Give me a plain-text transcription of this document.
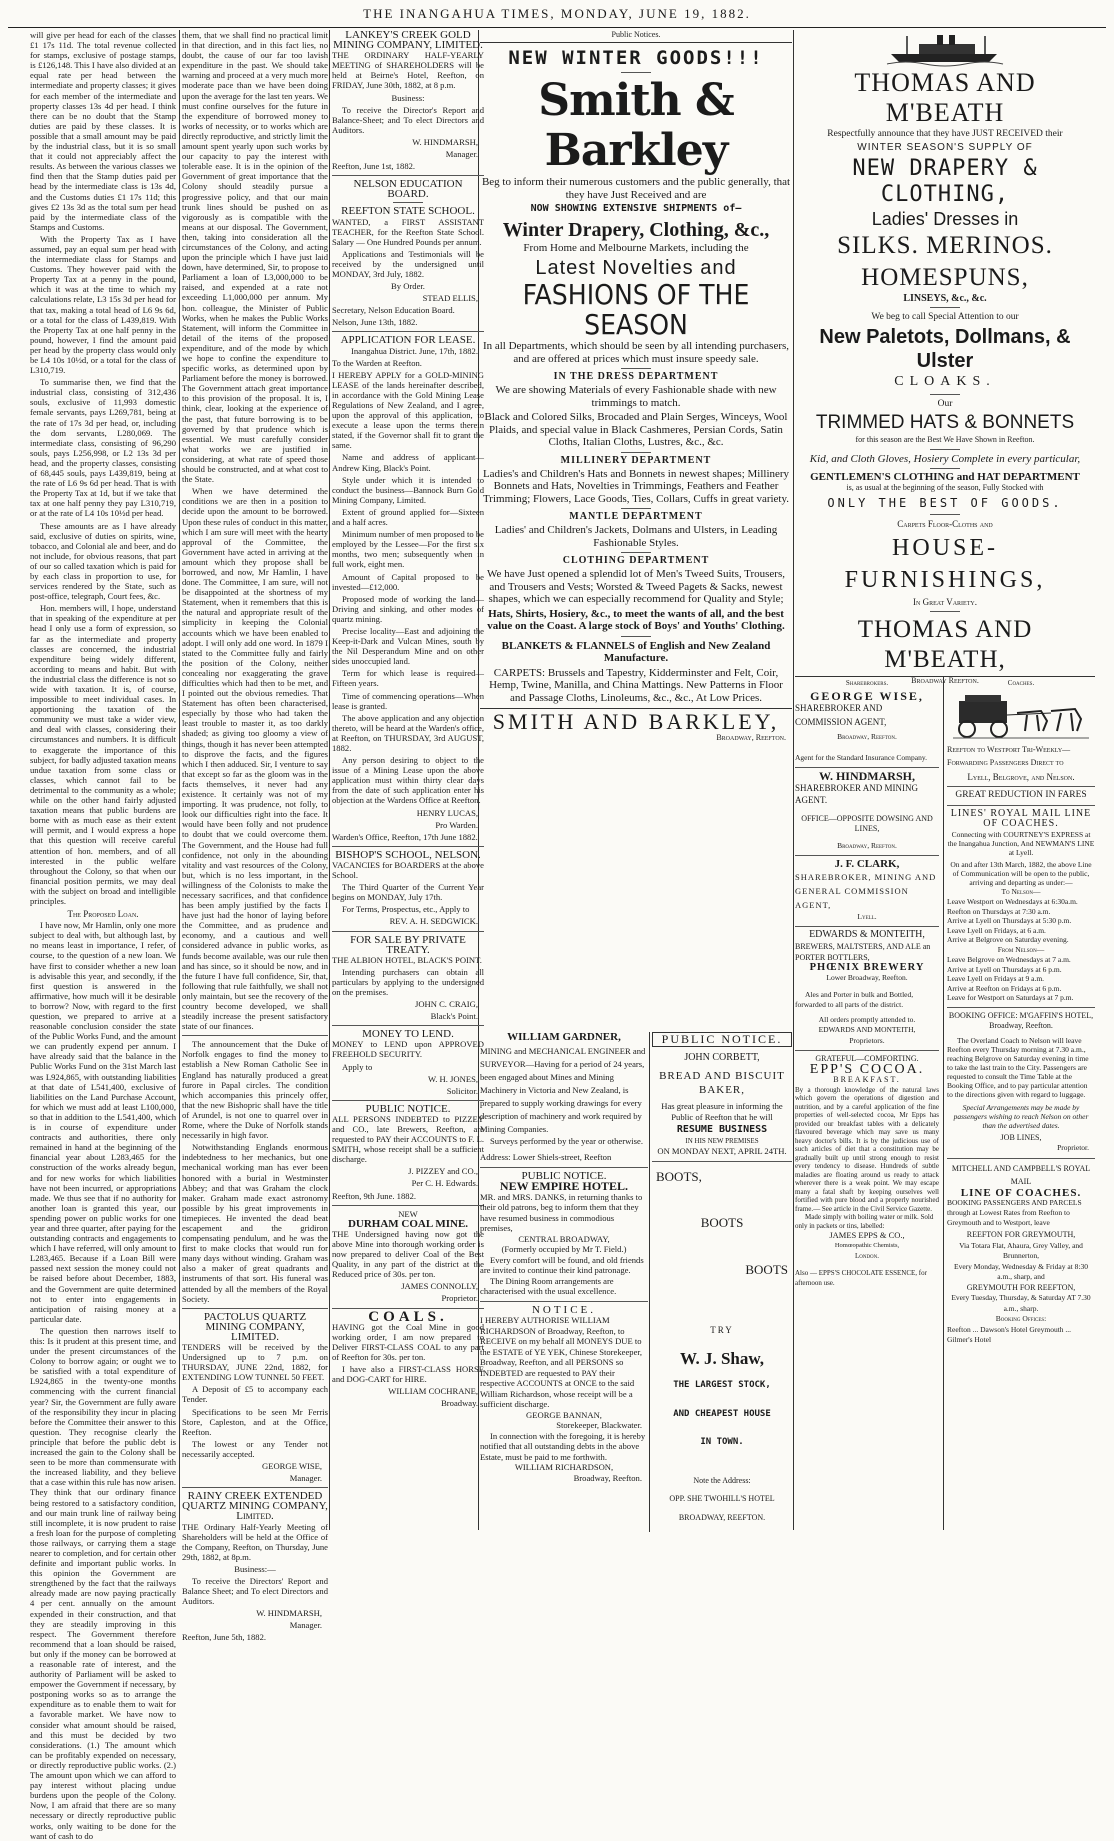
THE INANGAHUA TIMES, MONDAY, JUNE 19, 1882.

will give per head for each of the classes £1 17s 11d. The total revenue collected for stamps, exclusive of postage stamps, is £126,148. This I have also divided at an equal rate per head between the intermediate and property classes; it gives for each member of the intermediate and property classes 13s 4d per head. I think there can be no doubt that the Stamp duties are paid by these classes. It is possible that a small amount may be paid by the industrial class, but it is so small that it could not appreciably affect the results. As between the various classes we find then that the Stamp duties paid per head by the intermediate class is 13s 4d, and the Customs duties £1 17s 11d; this gives £2 13s 3d as the total sum per head paid by the intermediate class of the Stamps and Customs.

With the Property Tax as I have assumed, pay an equal sum per head with the intermediate class for Stamps and Customs. They however paid with the Property Tax at a penny in the pound, which it was at the time to which my calculations relate, L3 15s 3d per head for that tax, making a total head of L6 9s 6d, or a total for the class of L439,819. With the Property Tax at one half penny in the pound, however, I find the amount paid per head by the property class would only be L4 10s 10½d, or a total for the class of L310,719.

To summarise then, we find that the industrial class, consisting of 312,436 souls, exclusive of 11,993 domestic female servants, pays L269,781, being at the rate of 17s 3d per head, or, including the dom servants, L280,069. The intermediate class, consisting of 96,290 souls, pays L256,998, or L2 13s 3d per head, and the property classes, consisting of 68,445 souls, pays L439,819, being at the rate of L6 9s 6d per head. That is with the Property Tax at 1d, but if we take that tax at one half penny they pay L310,719, or at the rate of L4 10s 10½d per head.

These amounts are as I have already said, exclusive of duties on spirits, wine, tobacco, and Colonial ale and beer, and do not include, for obvious reasons, that part of our so called taxation which is paid for by each class in proportion to use, for services rendered by the State, such as post-office, telegraph, Court fees, &c.

Hon. members will, I hope, understand that in speaking of the expenditure at per head I only use a form of expression, so far as the intermediate and property classes are concerned, the industrial expenditure being widely different, according to means and habit. But with the industrial class the difference is not so wide with taxation. It is, of course, impossible to meet individual cases. In apportioning the taxation of the community we must take a wider view, and deal with classes, considering their circumstances and numbers. It is difficult to exaggerate the importance of this subject, for badly adjusted taxation means undue taxation from some class or classes, which cannot fail to be detrimental to the community as a whole; while on the other hand fairly adjusted taxation means that public burdens are borne with as much ease as their extent will permit, and I would express a hope that this question will receive careful attention of hon. members, and of all interested in the public welfare throughout the Colony, so that when our financial position permits, we may deal with the subject on broad and intelligible principles.

The Proposed Loan.

I have now, Mr Hamlin, only one more subject to deal with, but although last, by no means least in importance, I refer, of course, to the question of a new loan. We have first to consider whether a new loan is advisable this year, and secondly, if the first question is answered in the affirmative, how much will it be desirable to borrow? Now, with regard to the first question, we prepared to arrive at a reasonable conclusion consider the state of the Public Works Fund, and the amount we can prudently expend per annum. I have already said that the balance in the Public Works Fund on the 31st March last was L924,865, with outstanding liabilities at that date of L541,400, exclusive of liabilities on the Land Purchase Account, for which we must add at least L100,000, so that in addition to the L541,400, which is in course of expenditure under contracts and authorities, there only remained in hand at the beginning of the financial year about L283,465 for the construction of the works already begun, and for new works for which liabilities have not been incurred, or appropriations made. We thus see that if no authority for another loan is granted this year, our spending power on public works for one year and three quarter, after paying for the outstanding contracts and engagements to which I have referred, will only amount to L283,465. Because if a Loan Bill were passed next session the money could not be raised before about December, 1883, and the Government are quite determined not to enter into engagements in anticipation of raising money at a particular date.

The question then narrows itself to this: Is it prudent at this present time, and under the present circumstances of the Colony to borrow again; or ought we to be satisfied with a total expenditure of L924,865 in the twenty-one months commencing with the current financial year? Sir, the Government are fully aware of the responsibility they incur in placing before the Committee their answer to this question. They recognise clearly the principle that before the public debt is increased the gain to the Colony shall be seen to be more than commensurate with the increased liability, and they believe that a case within this rule has now arisen. They think that our ordinary finance being restored to a satisfactory condition, and our main trunk line of railway being still incomplete, it is now prudent to raise a fresh loan for the purpose of completing those railways, or carrying them a stage nearer to completion, and for certain other definite and important public works. In this opinion the Government are strengthened by the fact that the railways already made are now paying practically 4 per cent. annually on the amount expended in their construction, and that they are steadily improving in this respect. The Government therefore recommend that a loan should be raised, but only if the money can be borrowed at a reasonable rate of interest, and the authority of Parliament will be asked to empower the Government if necessary, by postponing works so as to arrange the expenditure as to enable them to wait for a favorable market. We have now to consider what amount should be raised, and this must be decided by two considerations. (1.) The amount which can be profitably expended on necessary, or directly reproductive public works. (2.) The amount upon which we can afford to pay interest without placing undue burdens upon the people of the Colony. Now, I am afraid that there are so many necessary or directly reproductive public works, only waiting to be done for the want of cash to do

them, that we shall find no practical limit in that direction, and in this fact lies, no doubt, the cause of our far too lavish expenditure in the past. We should take warning and proceed at a very much more moderate pace than we have been doing upon the average for the last ten years. We must confine ourselves for the future in the expenditure of borrowed money to works of necessity, or to works which are directly reproductive, and strictly limit the amount spent yearly upon such works by our capacity to pay the interest with tolerable ease. It is in the opinion of the Government of great importance that the Colony should steadily pursue a progressive policy, and that our main trunk lines should be pushed on as vigorously as is compatible with the means at our disposal. The Government, then, taking into consideration all the circumstances of the Colony, and acting upon the principle which I have just laid down, have determined, Sir, to propose to Parliament a loan of L3,000,000 to be raised, and expended at a rate not exceeding L1,000,000 per annum. My hon. colleague, the Minister of Public Works, when he makes the Public Works Statement, will inform the Committee in detail of the items of the proposed expenditure, and of the mode by which we hope to confine the expenditure to specific works, as determined upon by Parliament before the money is borrowed. The Government attach great importance to this provision of the proposal. It is, I think, clear, looking at the experience of the past, that future borrowing is to be governed by that prudence which is essential. We must carefully consider what works we are justified in considering, at what rate of speed those should be constructed, and at what cost to the State.

When we have determined the conditions we are then in a position to decide upon the amount to be borrowed. Upon these rules of conduct in this matter, which I am sure will meet with the hearty approval of the Committee, the Government have acted in arriving at the amount which they propose shall be borrowed, and now, Mr Hamlin, I have done. The Committee, I am sure, will not be disappointed at the shortness of my Statement, when it remembers that this is the natural and appropriate result of the simplicity in keeping the Colonial accounts which we have been enabled to adopt. I will only add one word. In 1879 I stated to the Committee fully and fairly the position of the Colony, neither concealing nor exaggerating the grave difficulties which had then to be met, and I pointed out the obvious remedies. That Statement has often been characterised, especially by those who had taken the least trouble to master it, as too darkly shaded; as giving too gloomy a view of things, though it has never been attempted to disprove the facts, and the figures which I then adduced. Sir, I venture to say that except so far as the gloom was in the facts themselves, it never had any existence. It certainly was not of my importing. It was prudence, not folly, to look our difficulties right into the face. It would have been folly and not prudence to doubt that we could overcome them. The Government, and the House had full confidence, not only in the abounding vitality and vast resources of the Colony, but, which is no less important, in the willingness of the Colonists to make the necessary sacrifices, and that confidence has been amply justified by the facts I have just had the honor of laying before the Committee, and as prudence and economy, and a cautious and well considered advance in public works, as funds become available, was our rule then and has since, so it should be now, and in the future I have full confidence, Sir, that, following that rule faithfully, we shall not only maintain, but see the recovery of the country become developed, we shall steadily increase the present satisfactory state of our finances.

The announcement that the Duke of Norfolk engages to find the money to establish a New Roman Catholic See in England has naturally produced a great furore in Papal circles. The condition which accompanies this princely offer, that the new Bishopric shall have the title of Arundel, is not one to quarrel over in Rome, where the Duke of Norfolk stands necessarily in high favor.

Notwithstanding Englands enormous indebtedness to her mechanics, but one mechanical working man has ever been honored with a burial in Westminster Abbey; and that was Graham the clock maker. Graham made exact astronomy possible by his great improvements in timepieces. He invented the dead beat escapement and the gridiron compensating pendulum, and he was the first to make clocks that would run for many days without winding. Graham was also a maker of great quadrants and instruments of that sort. His funeral was attended by all the members of the Royal Society.

PACTOLUS QUARTZ MINING COMPANY, LIMITED.

TENDERS will be received by the Undersigned up to 7 p.m. on THURSDAY, JUNE 22nd, 1882, for EXTENDING LOW TUNNEL 50 FEET.

A Deposit of £5 to accompany each Tender.

Specifications to be seen Mr Ferris Store, Capleston, and at the Office, Reefton.

The lowest or any Tender not necessarily accepted.

GEORGE WISE,

Manager.

RAINY CREEK EXTENDED QUARTZ MINING COMPANY, Limited.

THE Ordinary Half-Yearly Meeting of Shareholders will be held at the Office of the Company, Reefton, on Thursday, June 29th, 1882, at 8p.m.

Business:—

To receive the Directors' Report and Balance Sheet; and To elect Directors and Auditors.

W. HINDMARSH,

Manager.

Reefton, June 5th, 1882.

LANKEY'S CREEK GOLD MINING COMPANY, LIMITED.

THE ORDINARY HALF-YEARLY MEETING of SHAREHOLDERS will be held at Beirne's Hotel, Reefton, on FRIDAY, June 30th, 1882, at 8 p.m.

Business:

To receive the Director's Report and Balance-Sheet; and To elect Directors and Auditors.

W. HINDMARSH,

Manager.

Reefton, June 1st, 1882.

NELSON EDUCATION BOARD.
REEFTON STATE SCHOOL.

WANTED, a FIRST ASSISTANT TEACHER, for the Reefton State School. Salary — One Hundred Pounds per annum.

Applications and Testimonials will be received by the undersigned until MONDAY, 3rd July, 1882.

By Order.

STEAD ELLIS,

Secretary, Nelson Education Board.

Nelson, June 13th, 1882.

APPLICATION FOR LEASE.

Inangahua District. June, 17th, 1882.

To the Warden at Reefton.

I HEREBY APPLY for a GOLD-MINING LEASE of the lands hereinafter described, in accordance with the Gold Mining Lease Regulations of New Zealand, and I agree, upon the approval of this application, to execute a lease upon the terms therein stated, if the Governor shall fit to grant the same.

Name and address of applicant—Andrew King, Black's Point.

Style under which it is intended to conduct the business—Bannock Burn Gold Mining Company, Limited.

Extent of ground applied for—Sixteen and a half acres.

Minimum number of men proposed to be employed by the Lessee—For the first six months, two men; subsequently when in full work, eight men.

Amount of Capital proposed to be invested—£12,000.

Proposed mode of working the land—Driving and sinking, and other modes of quartz mining.

Precise locality—East and adjoining the Keep-it-Dark and Vulcan Mines, south by the Nil Desperandum Mine and on other sides unoccupied land.

Term for which lease is required—Fifteen years.

Time of commencing operations—When lease is granted.

The above application and any objection thereto, will be heard at the Warden's office, at Reefton, on THURSDAY, 3rd AUGUST, 1882.

Any person desiring to object to the issue of a Mining Lease upon the above application must within thirty clear days from the date of such application enter his objection at the Wardens Office at Reefton.

HENRY LUCAS,

Pro Warden.

Warden's Office, Reefton, 17th June 1882.

BISHOP'S SCHOOL, NELSON.

VACANCIES for BOARDERS at the above School.

The Third Quarter of the Current Year begins on MONDAY, July 17th.

For Terms, Prospectus, etc., Apply to

REV. A. H. SEDGWICK.

FOR SALE BY PRIVATE TREATY.

THE ALBION HOTEL, BLACK'S POINT.

Intending purchasers can obtain all particulars by applying to the undersigned on the premises.

JOHN C. CRAIG,

Black's Point.

MONEY TO LEND.

MONEY to LEND upon APPROVED FREEHOLD SECURITY.

Apply to

W. H. JONES,

Solicitor.

PUBLIC NOTICE.

ALL PERSONS INDEBTED to PIZZEY and CO., late Brewers, Reefton, are requested to PAY their ACCOUNTS to F. L. SMITH, whose receipt shall be a sufficient discharge.

J. PIZZEY and CO.,

Per C. H. Edwards.

Reefton, 9th June. 1882.

NEW
DURHAM COAL MINE.

THE Undersigned having now got the above Mine into thorough working order is now prepared to deliver Coal of the Best Quality, in any part of the district at the Reduced price of 30s. per ton.

JAMES CONNOLLY,

Proprietor.

COALS.

HAVING got the Coal Mine in good working order, I am now prepared to Deliver FIRST-CLASS COAL to any part of Reefton for 30s. per ton.

I have also a FIRST-CLASS HORSE and DOG-CART for HIRE.

WILLIAM COCHRANE,

Broadway.

Public Notices.
NEW WINTER GOODS!!!
Smith & Barkley

Beg to inform their numerous customers and the public generally, that they have Just Received and are

NOW SHOWING EXTENSIVE SHIPMENTS of—

Winter Drapery, Clothing, &c.,

From Home and Melbourne Markets, including the

Latest Novelties and
FASHIONS OF THE SEASON

In all Departments, which should be seen by all intending purchasers, and are offered at prices which must insure speedy sale.

IN THE DRESS DEPARTMENT

We are showing Materials of every Fashionable shade with new trimmings to match.

Black and Colored Silks, Brocaded and Plain Serges, Winceys, Wool Plaids, and special value in Black Cashmeres, Persian Cords, Satin Cloths, Italian Cloths, Lustres, &c., &c.

MILLINERY DEPARTMENT

Ladies's and Children's Hats and Bonnets in newest shapes; Millinery Bonnets and Hats, Novelties in Trimmings, Feathers and Feather Trimming; Flowers, Lace Goods, Ties, Collars, Cuffs in great variety.

MANTLE DEPARTMENT

Ladies' and Children's Jackets, Dolmans and Ulsters, in Leading Fashionable Styles.

CLOTHING DEPARTMENT

We have Just opened a splendid lot of Men's Tweed Suits, Trousers, and Trousers and Vests; Worsted & Tweed Pagets & Sacks, newest shapes, which we can especially recommend for Quality and Style;

Hats, Shirts, Hosiery, &c., to meet the wants of all, and the best value on the Coast. A large stock of Boys' and Youths' Clothing.

BLANKETS & FLANNELS of English and New Zealand Manufacture.

CARPETS: Brussels and Tapestry, Kidderminster and Felt, Coir, Hemp, Twine, Manilla, and China Mattings. New Patterns in Floor and Passage Cloths, Linoleums, &c., &c., At Low Prices.

SMITH AND BARKLEY,
Broadway, Reefton.
WILLIAM GARDNER,

MINING and MECHANICAL ENGINEER and SURVEYOR—Having for a period of 24 years, been engaged about Mines and Mining Machinery in Victoria and New Zealand, is prepared to supply working drawings for every description of machinery and work required by Mining Companies.

Surveys performed by the year or otherwise.

Address: Lower Shiels-street, Reefton

PUBLIC NOTICE.
NEW EMPIRE HOTEL.

MR. and MRS. DANKS, in returning thanks to their old patrons, beg to inform them that they have resumed business in commodious premises,

CENTRAL BROADWAY,

(Formerly occupied by Mr T. Field.)

Every comfort will be found, and old friends are invited to continue their kind patronage.

The Dining Room arrangements are characterised with the usual excellence.

NOTICE.

I HEREBY AUTHORISE WILLIAM RICHARDSON of Broadway, Reefton, to RECEIVE on my behalf all MONEYS DUE to the ESTATE of YE YEK, Chinese Storekeeper, Broadway, Reefton, and all PERSONS so INDEBTED are requested to PAY their respective ACCOUNTS at ONCE to the said William Richardson, whose receipt will be a sufficient discharge.

GEORGE BANNAN,

Storekeeper, Blackwater.

In connection with the foregoing, it is hereby notified that all outstanding debts in the above Estate, must be paid to me forthwith.

WILLIAM RICHARDSON,

Broadway, Reefton.

PUBLIC NOTICE.
JOHN CORBETT,
BREAD AND BISCUIT BAKER,

Has great pleasure in informing the Public of Reefton that he will

RESUME BUSINESS

IN HIS NEW PREMISES

ON MONDAY NEXT, APRIL 24TH.

BOOTS,
BOOTS
BOOTS
TRY
W. J. Shaw,
THE LARGEST STOCK,
AND CHEAPEST HOUSE
IN TOWN.
Note the Address:
OPP. SHE TWOHILL'S HOTEL
BROADWAY, REEFTON.
THOMAS AND M'BEATH

Respectfully announce that they have JUST RECEIVED their

WINTER SEASON'S SUPPLY OF

NEW DRAPERY & CLOTHING,
Ladies' Dresses in
SILKS. MERINOS. HOMESPUNS,
LINSEYS, &c., &c.

We beg to call Special Attention to our

New Paletots, Dollmans, & Ulster
CLOAKS.

Our

TRIMMED HATS & BONNETS

for this season are the Best We Have Shown in Reefton.

Kid, and Cloth Gloves, Hosiery Complete in every particular,

GENTLEMEN'S CLOTHING and HAT DEPARTMENT

is, as usual at the beginning of the season, Fully Stocked with

ONLY THE BEST OF GOODS.

Carpets Floor-Cloths and

HOUSE-FURNISHINGS,

In Great Variety.

THOMAS AND M'BEATH,

Broadway Reefton.

Sharebrokers.
GEORGE WISE,

SHAREBROKER AND COMMISSION AGENT,

Broadway, Reefton.

Agent for the Standard Insurance Company.

W. HINDMARSH,

SHAREBROKER AND MINING AGENT.

OFFICE—OPPOSITE DOWSING AND LINES,

Broadway, Reefton.

J. F. CLARK,

SHAREBROKER, MINING AND GENERAL COMMISSION AGENT,

Lyell.

EDWARDS & MONTEITH,

BREWERS, MALTSTERS, AND ALE an PORTER BOTTLERS,

PHŒNIX BREWERY

Lower Broadway, Reefton.

Ales and Porter in bulk and Bottled, forwarded to all parts of the district.

All orders promptly attended to.

EDWARDS AND MONTEITH,

Proprietors.

GRATEFUL—COMFORTING.
EPP'S COCOA.
BREAKFAST.

By a thorough knowledge of the natural laws which govern the operations of digestion and nutrition, and by a careful application of the fine properties of well-selected cocoa, Mr Epps has provided our breakfast tables with a delicately flavoured beverage which may save us many heavy doctor's bills. It is by the judicious use of such articles of diet that a constitution may be gradually built up until strong enough to resist every tendency to disease. Hundreds of subtle maladies are floating around us ready to attack wherever there is a weak point. We may escape many a fatal shaft by keeping ourselves well fortified with pure blood and a properly nourished frame.— See article in the Civil Service Gazette.

Made simply with boiling water or milk. Sold only in packets or tins, labelled:

JAMES EPPS & CO.,

Homœopathic Chemists,

London.

Also — EPPS'S CHOCOLATE ESSENCE, for afternoon use.

Coaches.

Reefton to Westport Tri-Weekly—Forwarding Passengers Direct to

Lyell, Belgrove, and Nelson.

GREAT REDUCTION IN FARES

LINES' ROYAL MAIL LINE OF COACHES.

Connecting with COURTNEY'S EXPRESS at the Inangahua Junction, And NEWMAN'S LINE at Lyell.

On and after 13th March, 1882, the above Line of Communication will be open to the public, arriving and departing as under:—

To Nelson—

Leave Westport on Wednesdays at 6:30a.m.

Reefton on Thursdays at 7:30 a.m.

Arrive at Lyell on Thursdays at 5:30 p.m.

Leave Lyell on Fridays, at 6 a.m.

Arrive at Belgrove on Saturday evening.

From Nelson—

Leave Belgrove on Wednesdays at 7 a.m.

Arrive at Lyell on Thursdays at 6 p.m.

Leave Lyell on Fridays at 9 a.m.

Arrive at Reefton on Fridays at 6 p.m.

Leave for Westport on Saturdays at 7 p.m.

BOOKING OFFICE: M'GAFFIN'S HOTEL, Broadway, Reefton.

The Overland Coach to Nelson will leave Reefton every Thursday morning at 7.30 a.m., reaching Belgrove on Saturday evening in time to take the last train to the City. Passengers are requested to consult the Time Table at the Booking Office, and to pay particular attention to the directions given with regard to luggage.

Special Arrangements may be made by passengers wishing to reach Nelson on other than the advertised dates.

JOB LINES,

Proprietor.

MITCHELL AND CAMPBELL'S ROYAL MAIL

LINE OF COACHES.

BOOKING PASSENGERS AND PARCELS through at Lowest Rates from Reefton to Greymouth and to Westport, leave

REEFTON FOR GREYMOUTH,

Via Totara Flat, Ahaura, Grey Valley, and Brunnerton,

Every Monday, Wednesday & Friday at 8:30 a.m., sharp, and

GREYMOUTH FOR REEFTON,

Every Tuesday, Thursday, & Saturday AT 7.30 a.m., sharp.

Booking Offices:

Reefton ... Dawson's Hotel Greymouth ... Gilmer's Hotel
